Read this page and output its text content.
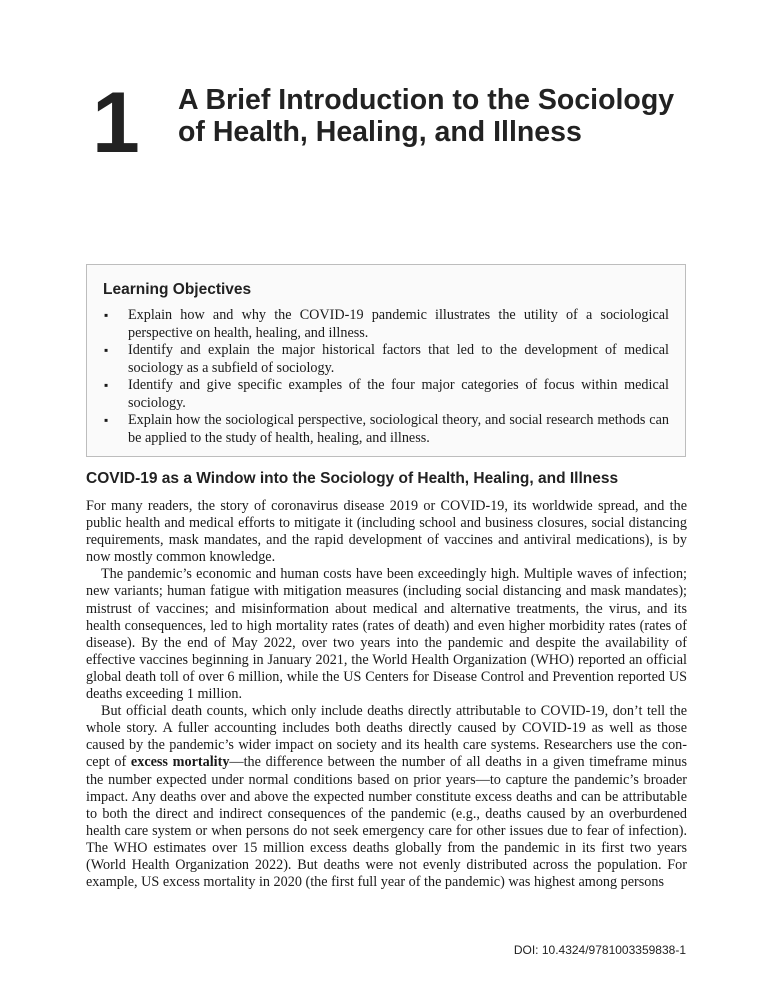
1 A Brief Introduction to the Sociology of Health, Healing, and Illness
Learning Objectives
▪ Explain how and why the COVID-19 pandemic illustrates the utility of a sociological perspective on health, healing, and illness.
▪ Identify and explain the major historical factors that led to the development of medical sociology as a subfield of sociology.
▪ Identify and give specific examples of the four major categories of focus within medical sociology.
▪ Explain how the sociological perspective, sociological theory, and social research methods can be applied to the study of health, healing, and illness.
COVID-19 as a Window into the Sociology of Health, Healing, and Illness

For many readers, the story of coronavirus disease 2019 or COVID-19, its worldwide spread, and the public health and medical efforts to mitigate it (including school and business closures, social distancing requirements, mask mandates, and the rapid development of vaccines and antiviral medications), is by now mostly common knowledge.

The pandemic’s economic and human costs have been exceedingly high. Multiple waves of infection; new variants; human fatigue with mitigation measures (including social distancing and mask mandates); mistrust of vaccines; and misinformation about medical and alternative treatments, the virus, and its health consequences, led to high mortality rates (rates of death) and even higher morbidity rates (rates of disease). By the end of May 2022, over two years into the pandemic and despite the availability of effective vaccines beginning in January 2021, the World Health Organization (WHO) reported an official global death toll of over 6 million, while the US Centers for Disease Control and Prevention reported US deaths exceeding 1 million.

But official death counts, which only include deaths directly attributable to COVID-19, don’t tell the whole story. A fuller accounting includes both deaths directly caused by COVID-19 as well as those caused by the pandemic’s wider impact on society and its health care systems. Researchers use the concept of excess mortality—the difference between the number of all deaths in a given timeframe minus the number expected under normal conditions based on prior years—to capture the pandemic’s broader impact. Any deaths over and above the expected number constitute excess deaths and can be attributable to both the direct and indirect consequences of the pandemic (e.g., deaths caused by an overburdened health care system or when persons do not seek emergency care for other issues due to fear of infection). The WHO estimates over 15 million excess deaths globally from the pandemic in its first two years (World Health Organization 2022). But deaths were not evenly distributed across the population. For example, US excess mortality in 2020 (the first full year of the pandemic) was highest among persons

DOI: 10.4324/9781003359838-1
